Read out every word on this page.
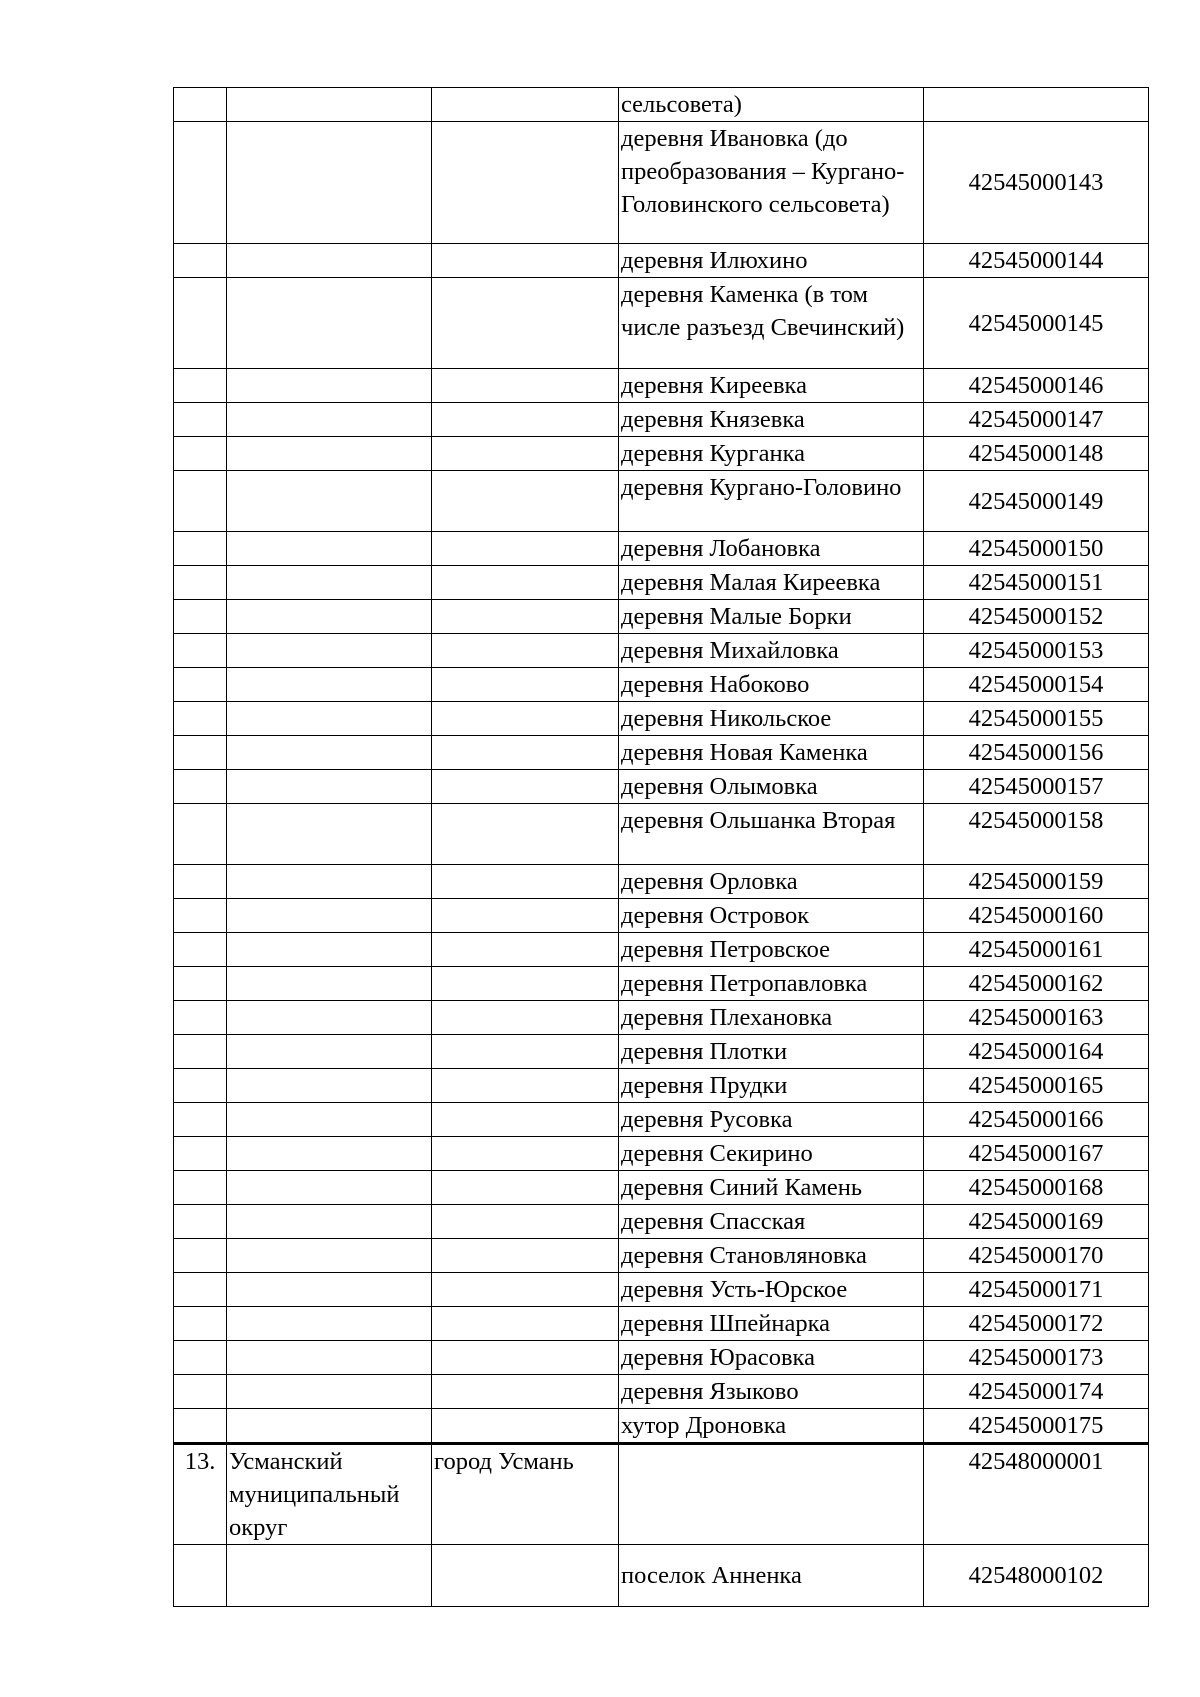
			сельсовета)	
			деревня Ивановка (до преобразования – Кургано-Головинского сельсовета)	42545000143
			деревня Илюхино	42545000144
			деревня Каменка (в том числе разъезд Свечинский)	42545000145
			деревня Киреевка	42545000146
			деревня Князевка	42545000147
			деревня Курганка	42545000148
			деревня Кургано-Головино	42545000149
			деревня Лобановка	42545000150
			деревня Малая Киреевка	42545000151
			деревня Малые Борки	42545000152
			деревня Михайловка	42545000153
			деревня Набоково	42545000154
			деревня Никольское	42545000155
			деревня Новая Каменка	42545000156
			деревня Олымовка	42545000157
			деревня Ольшанка Вторая	42545000158
			деревня Орловка	42545000159
			деревня Островок	42545000160
			деревня Петровское	42545000161
			деревня Петропавловка	42545000162
			деревня Плехановка	42545000163
			деревня Плотки	42545000164
			деревня Прудки	42545000165
			деревня Русовка	42545000166
			деревня Секирино	42545000167
			деревня Синий Камень	42545000168
			деревня Спасская	42545000169
			деревня Становляновка	42545000170
			деревня Усть-Юрское	42545000171
			деревня Шпейнарка	42545000172
			деревня Юрасовка	42545000173
			деревня Языково	42545000174
			хутор Дроновка	42545000175
13.	Усманский муниципальный округ	город Усмань		42548000001
			поселок Анненка	42548000102
